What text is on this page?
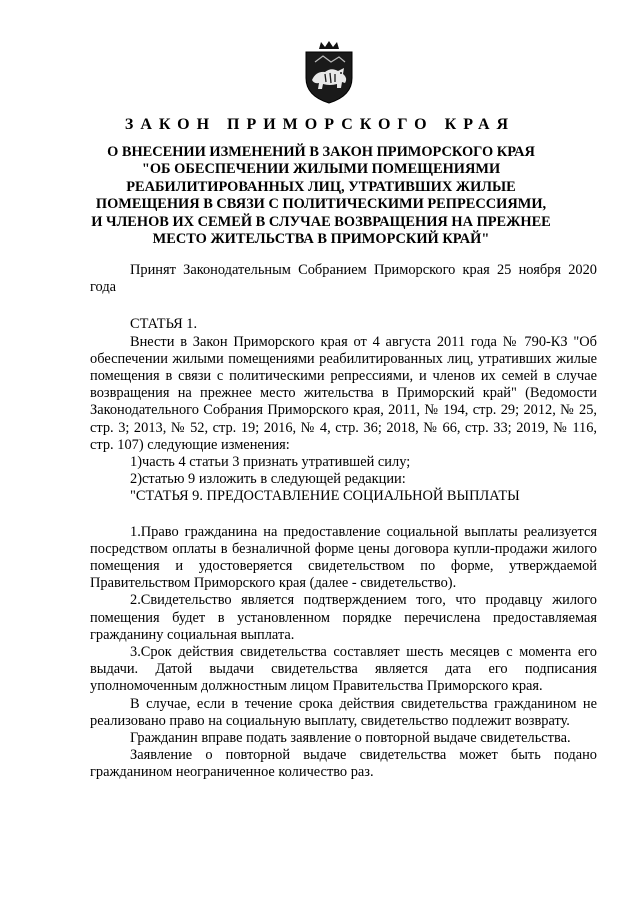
ЗАКОН ПРИМОРСКОГО КРАЯ
О ВНЕСЕНИИ ИЗМЕНЕНИЙ В ЗАКОН ПРИМОРСКОГО КРАЯ
"ОБ ОБЕСПЕЧЕНИИ ЖИЛЫМИ ПОМЕЩЕНИЯМИ
РЕАБИЛИТИРОВАННЫХ ЛИЦ, УТРАТИВШИХ ЖИЛЫЕ
ПОМЕЩЕНИЯ В СВЯЗИ С ПОЛИТИЧЕСКИМИ РЕПРЕССИЯМИ,
И ЧЛЕНОВ ИХ СЕМЕЙ В СЛУЧАЕ ВОЗВРАЩЕНИЯ НА ПРЕЖНЕЕ
МЕСТО ЖИТЕЛЬСТВА В ПРИМОРСКИЙ КРАЙ"

Принят Законодательным Собранием Приморского края 25 ноября 2020 года

СТАТЬЯ 1.

Внести в Закон Приморского края от 4 августа 2011 года № 790-КЗ "Об обеспечении жилыми помещениями реабилитированных лиц, утративших жилые помещения в связи с политическими репрессиями, и членов их семей в случае возвращения на прежнее место жительства в Приморский край" (Ведомости Законодательного Собрания Приморского края, 2011, № 194, стр. 29; 2012, № 25, стр. 3; 2013, № 52, стр. 19; 2016, № 4, стр. 36; 2018, № 66, стр. 33; 2019, № 116, стр. 107) следующие изменения:

1)часть 4 статьи 3 признать утратившей силу;

2)статью 9 изложить в следующей редакции:

"СТАТЬЯ 9. ПРЕДОСТАВЛЕНИЕ СОЦИАЛЬНОЙ ВЫПЛАТЫ

1.Право гражданина на предоставление социальной выплаты реализуется посредством оплаты в безналичной форме цены договора купли-продажи жилого помещения и удостоверяется свидетельством по форме, утверждаемой Правительством Приморского края (далее - свидетельство).

2.Свидетельство является подтверждением того, что продавцу жилого помещения будет в установленном порядке перечислена предоставляемая гражданину социальная выплата.

3.Срок действия свидетельства составляет шесть месяцев с момента его выдачи. Датой выдачи свидетельства является дата его подписания уполномоченным должностным лицом Правительства Приморского края.

В случае, если в течение срока действия свидетельства гражданином не реализовано право на социальную выплату, свидетельство подлежит возврату.

Гражданин вправе подать заявление о повторной выдаче свидетельства.

Заявление о повторной выдаче свидетельства может быть подано гражданином неограниченное количество раз.
